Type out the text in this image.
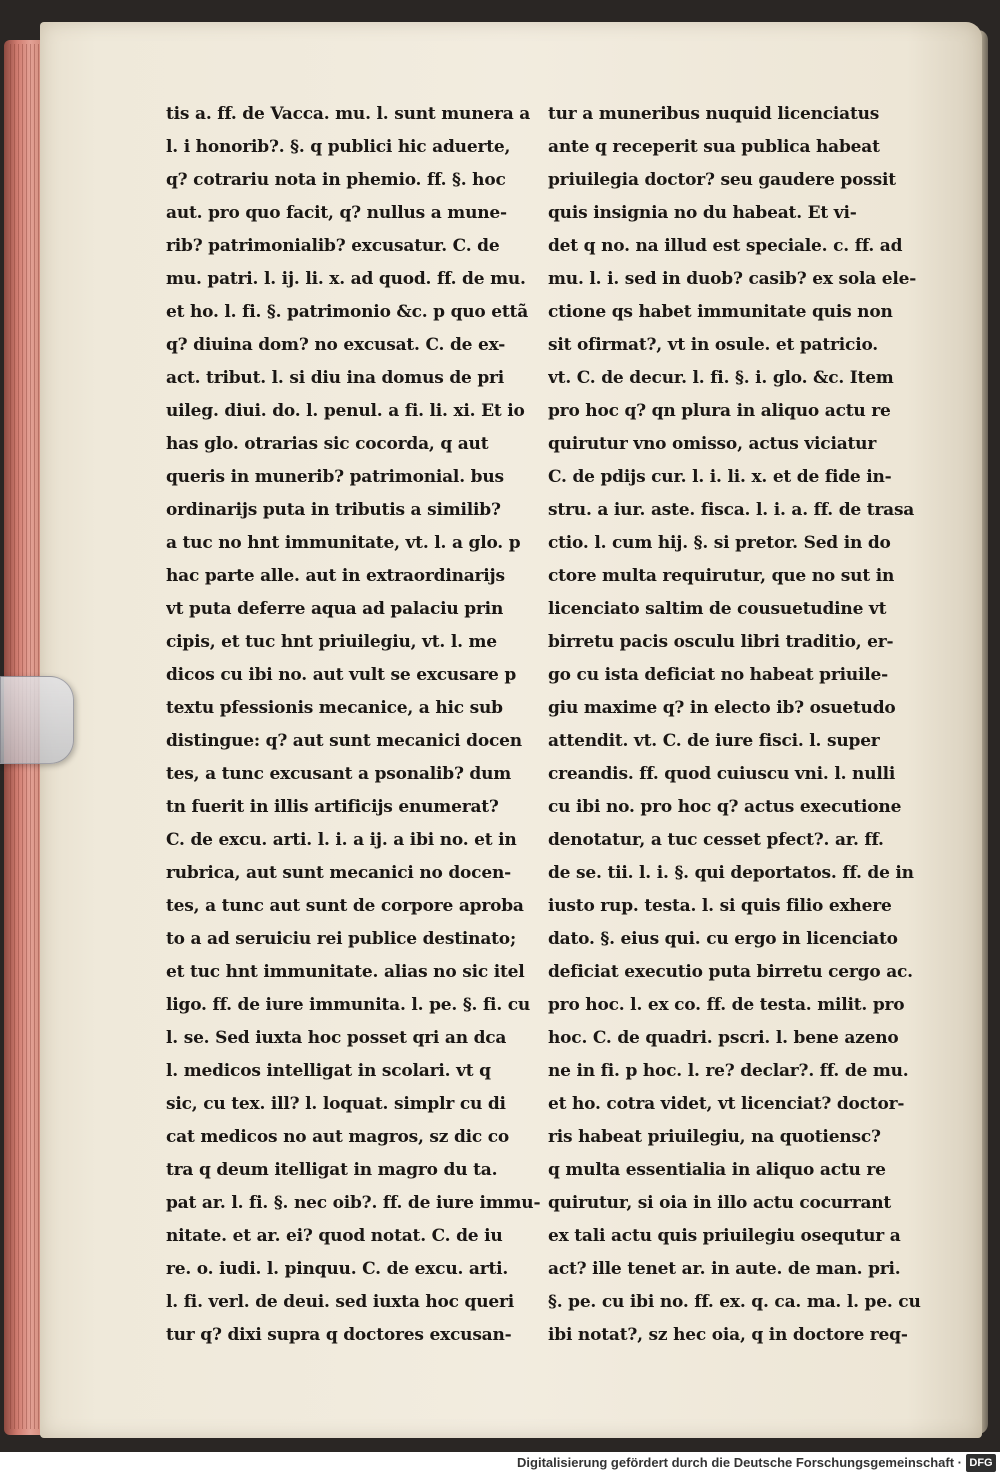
tis a. ff. de Vacca. mu. l. sunt munera a
l. i honorib?. §. q publici hic aduerte,
q? cotrariu nota in phemio. ff. §. hoc
aut. pro quo facit, q? nullus a mune-
rib? patrimonialib? excusatur. C. de
mu. patri. l. ij. li. x. ad quod. ff. de mu.
et ho. l. fi. §. patrimonio &c. p quo ettã
q? diuina dom? no excusat. C. de ex-
act. tribut. l. si diu ina domus de pri
uileg. diui. do. l. penul. a fi. li. xi. Et io
has glo. otrarias sic cocorda, q aut
queris in munerib? patrimonial. bus
ordinarijs puta in tributis a similib?
a tuc no hnt immunitate, vt. l. a glo. p
hac parte alle. aut in extraordinarijs
vt puta deferre aqua ad palaciu prin
cipis, et tuc hnt priuilegiu, vt. l. me
dicos cu ibi no. aut vult se excusare p
textu pfessionis mecanice, a hic sub
distingue: q? aut sunt mecanici docen
tes, a tunc excusant a psonalib? dum
tn fuerit in illis artificijs enumerat?
C. de excu. arti. l. i. a ij. a ibi no. et in
rubrica, aut sunt mecanici no docen-
tes, a tunc aut sunt de corpore aproba
to a ad seruiciu rei publice destinato;
et tuc hnt immunitate. alias no sic itel
ligo. ff. de iure immunita. l. pe. §. fi. cu
l. se. Sed iuxta hoc posset qri an dca
l. medicos intelligat in scolari. vt q
sic, cu tex. ill? l. loquat. simplr cu di
cat medicos no aut magros, sz dic co
tra q deum itelligat in magro du ta.
pat ar. l. fi. §. nec oib?. ff. de iure immu-
nitate. et ar. ei? quod notat. C. de iu
re. o. iudi. l. pinquu. C. de excu. arti.
l. fi. verl. de deui. sed iuxta hoc queri
tur q? dixi supra q doctores excusan-
tur a muneribus nuquid licenciatus
ante q receperit sua publica habeat
priuilegia doctor? seu gaudere possit
quis insignia no du habeat. Et vi-
det q no. na illud est speciale. c. ff. ad
mu. l. i. sed in duob? casib? ex sola ele-
ctione qs habet immunitate quis non
sit ofirmat?, vt in osule. et patricio.
vt. C. de decur. l. fi. §. i. glo. &c. Item
pro hoc q? qn plura in aliquo actu re
quirutur vno omisso, actus viciatur
C. de pdijs cur. l. i. li. x. et de fide in-
stru. a iur. aste. fisca. l. i. a. ff. de trasa
ctio. l. cum hij. §. si pretor. Sed in do
ctore multa requirutur, que no sut in
licenciato saltim de cousuetudine vt
birretu pacis osculu libri traditio, er-
go cu ista deficiat no habeat priuile-
giu maxime q? in electo ib? osuetudo
attendit. vt. C. de iure fisci. l. super
creandis. ff. quod cuiuscu vni. l. nulli
cu ibi no. pro hoc q? actus executione
denotatur, a tuc cesset pfect?. ar. ff.
de se. tii. l. i. §. qui deportatos. ff. de in
iusto rup. testa. l. si quis filio exhere
dato. §. eius qui. cu ergo in licenciato
deficiat executio puta birretu cergo ac.
pro hoc. l. ex co. ff. de testa. milit. pro
hoc. C. de quadri. pscri. l. bene azeno
ne in fi. p hoc. l. re? declar?. ff. de mu.
et ho. cotra videt, vt licenciat? doctor-
ris habeat priuilegiu, na quotiensc?
q multa essentialia in aliquo actu re
quirutur, si oia in illo actu cocurrant
ex tali actu quis priuilegiu osequtur a
act? ille tenet ar. in aute. de man. pri.
§. pe. cu ibi no. ff. ex. q. ca. ma. l. pe. cu
ibi notat?, sz hec oia, q in doctore req-
Digitalisierung gefördert durch die Deutsche Forschungsgemeinschaft · DFG
